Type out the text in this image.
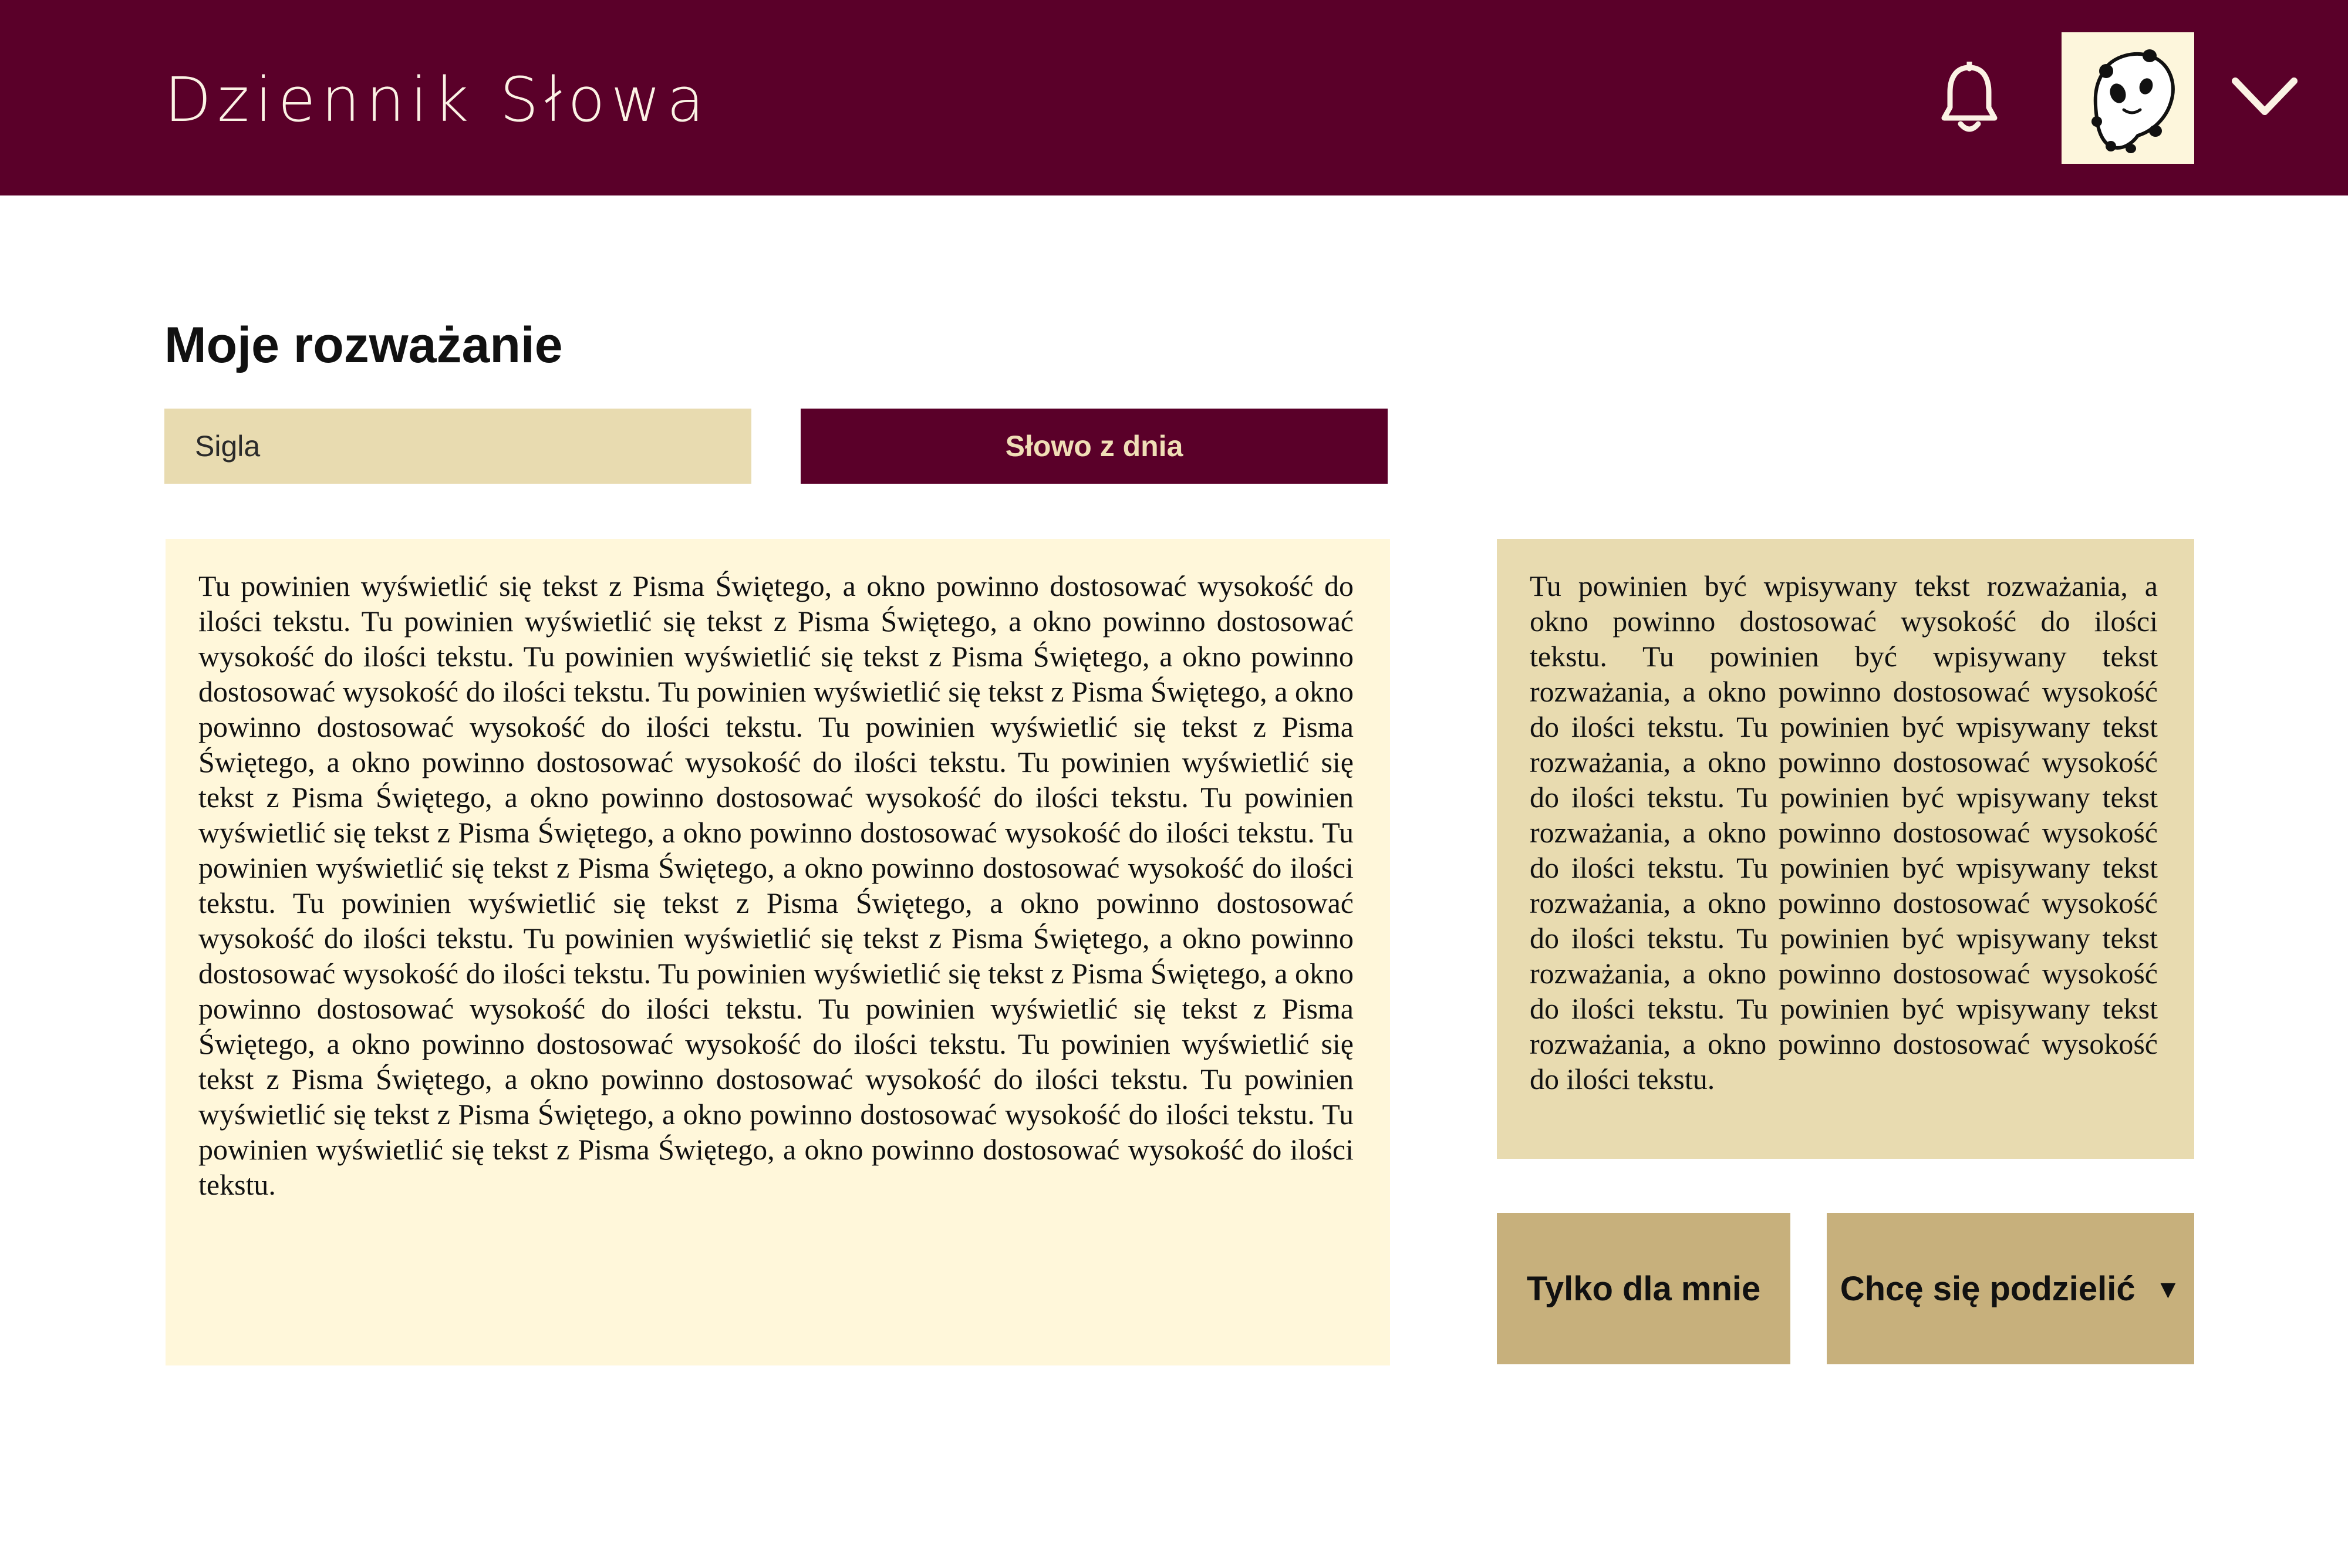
Dziennik Słowa
Moje rozważanie
Sigla
Słowo z dnia

Tu powinien wyświetlić się tekst z Pisma Świętego, a okno powinno dostosować wysokość do ilości tekstu. Tu powinien wyświetlić się tekst z Pisma Świętego, a okno powinno dostosować wysokość do ilości tekstu. Tu powinien wyświetlić się tekst z Pisma Świętego, a okno powinno dostosować wysokość do ilości tekstu. Tu powinien wyświetlić się tekst z Pisma Świętego, a okno powinno dostosować wysokość do ilości tekstu. Tu powinien wyświetlić się tekst z Pisma Świętego, a okno powinno dostosować wysokość do ilości tekstu. Tu powinien wyświetlić się tekst z Pisma Świętego, a okno powinno dostosować wysokość do ilości tekstu. Tu powinien wyświetlić się tekst z Pisma Świętego, a okno powinno dostosować wysokość do ilości tekstu. Tu powinien wyświetlić się tekst z Pisma Świętego, a okno powinno dostosować wysokość do ilości tekstu. Tu powinien wyświetlić się tekst z Pisma Świętego, a okno powinno dostosować wysokość do ilości tekstu. Tu powinien wyświetlić się tekst z Pisma Świętego, a okno powinno dostosować wysokość do ilości tekstu. Tu powinien wyświetlić się tekst z Pisma Świętego, a okno powinno dostosować wysokość do ilości tekstu. Tu powinien wyświetlić się tekst z Pisma Świętego, a okno powinno dostosować wysokość do ilości tekstu. Tu powinien wyświetlić się tekst z Pisma Świętego, a okno powinno dostosować wysokość do ilości tekstu. Tu powinien wyświetlić się tekst z Pisma Świętego, a okno powinno dostosować wysokość do ilości tekstu. Tu powinien wyświetlić się tekst z Pisma Świętego, a okno powinno dostosować wysokość do ilości tekstu.

Tu powinien być wpisywany tekst rozważania, a okno powinno dostosować wysokość do ilości tekstu. Tu powinien być wpisywany tekst rozważania, a okno powinno dostosować wysokość do ilości tekstu. Tu powinien być wpisywany tekst rozważania, a okno powinno dostosować wysokość do ilości tekstu. Tu powinien być wpisywany tekst rozważania, a okno powinno dostosować wysokość do ilości tekstu. Tu powinien być wpisywany tekst rozważania, a okno powinno dostosować wysokość do ilości tekstu. Tu powinien być wpisywany tekst rozważania, a okno powinno dostosować wysokość do ilości tekstu. Tu powinien być wpisywany tekst rozważania, a okno powinno dostosować wysokość do ilości tekstu.
Tylko dla mnie	Chcę się podzielić ▼
